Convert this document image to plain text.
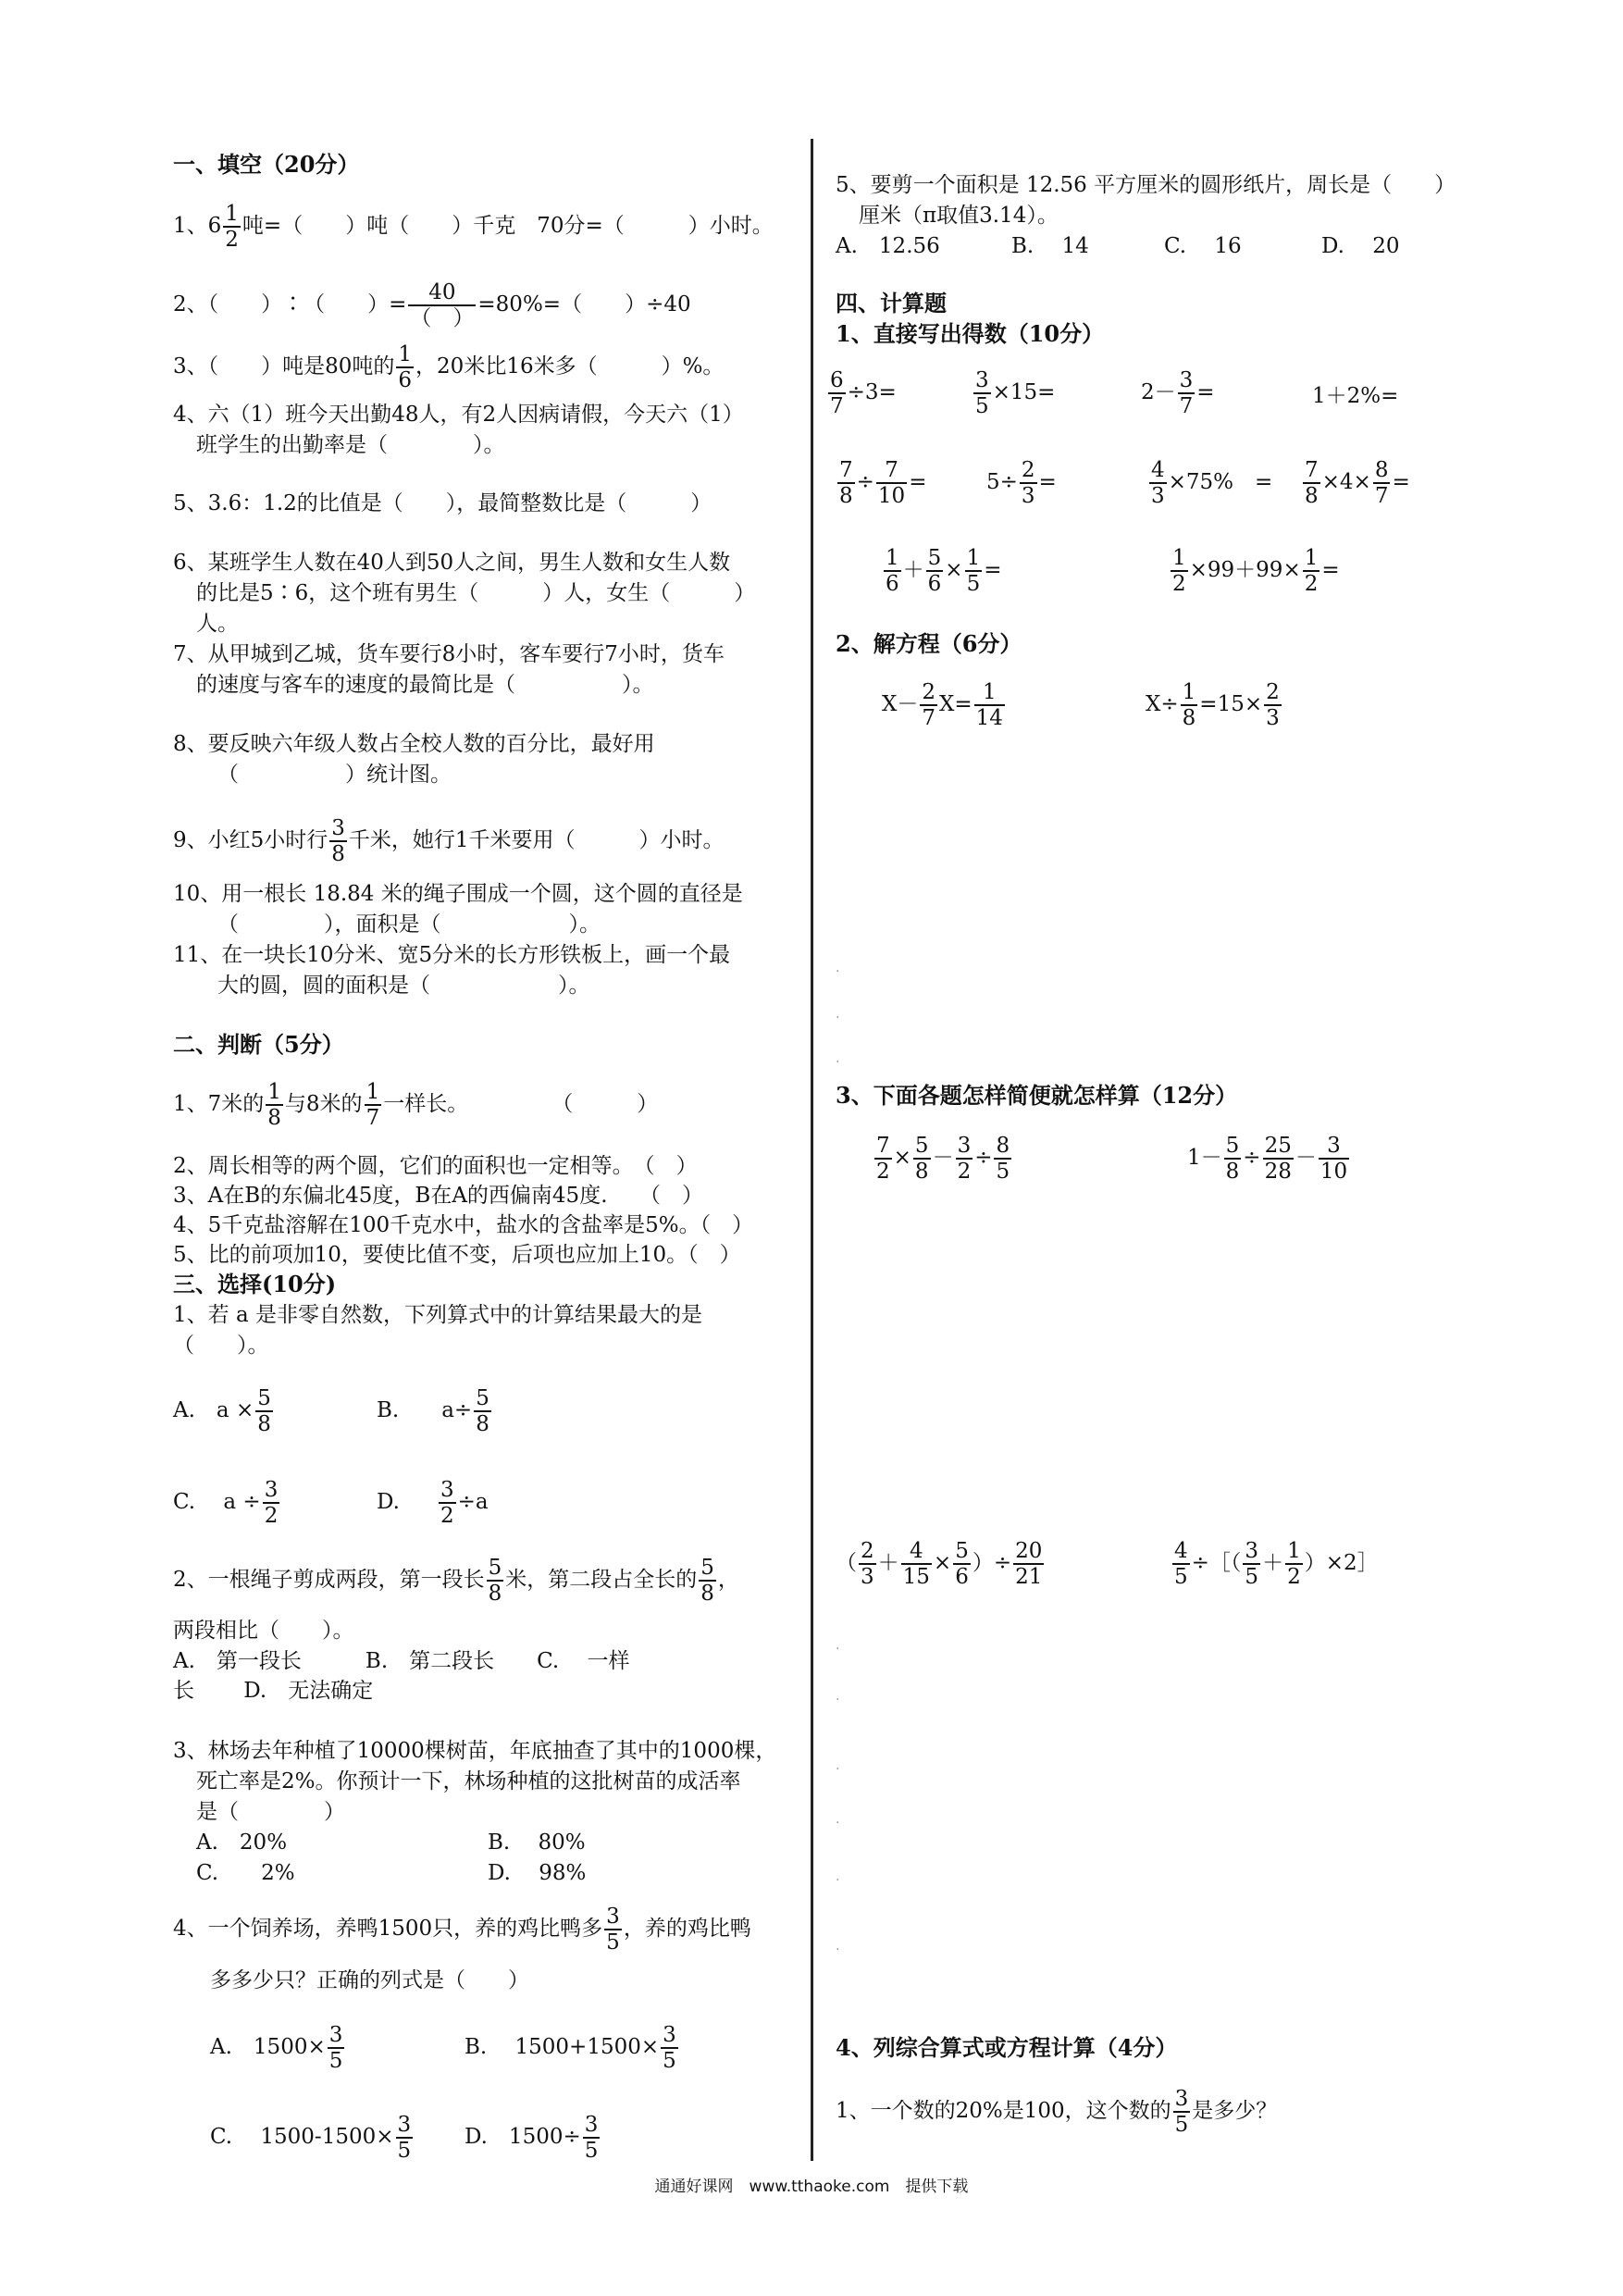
一、填空（20分）
1、$6 \frac{1}{2}$ 吨=（　　）吨（　　）千克　70分=（　　　）小时。
2、（　　）∶（　　）=	40
（　）
=80%=（　　）÷40
3、（　　）吨是80吨的 $\frac{1}{6}$ ，20米比16米多（　　　）%。
4、六（1）班今天出勤48人，有2人因病请假，今天六（1）
班学生的出勤率是（　　　　）。
5、3.6：1.2的比值是（　　），最简整数比是（　　　）
6、某班学生人数在40人到50人之间，男生人数和女生人数
的比是5∶6，这个班有男生（　　　）人，女生（　　　）
人。
7、从甲城到乙城，货车要行8小时，客车要行7小时，货车
的速度与客车的速度的最简比是（　　　　　）。
8、要反映六年级人数占全校人数的百分比，最好用
（　　　　　）统计图。
9、小红5小时行 $\frac{3}{8}$ 千米，她行1千米要用（　　　）小时。
10、用一根长 18.84 米的绳子围成一个圆，这个圆的直径是
（　　　　），面积是（　　　　　　）。
11、在一块长10分米、宽5分米的长方形铁板上，画一个最
大的圆，圆的面积是（　　　　　　）。
二、判断（5分）
1、7米的 $\frac{1}{8}$ 与8米的 $\frac{1}{7}$ 一样长。	（　　　）
2、周长相等的两个圆，它们的面积也一定相等。　（　）
3、A在B的东偏北45度，B在A的西偏南45度.　　（　）
4、5千克盐溶解在100千克水中，盐水的含盐率是5%。（　）
5、比的前项加10，要使比值不变，后项也应加上10。（　）
三、选择(10分)
1、若 a 是非零自然数，下列算式中的计算结果最大的是
（　　）。
A.　$a \times \frac{5}{8}$	B.　　$a\div \frac{5}{8}$
C.　 $a \div \frac{3}{2}$	D. $\frac{3}{2} \div a$
2、一根绳子剪成两段，第一段长 $\frac{5}{8}$ 米，第二段占全长的 $\frac{5}{8}$ ，
两段相比（　　）。
A.　第一段长　　　B.　第二段长　　C.　 一样
长　　 D.　无法确定
3、林场去年种植了10000棵树苗，年底抽查了其中的1000棵，
死亡率是2%。你预计一下，林场种植的这批树苗的成活率
是（　　　　）
A.　20%	B.　 80%
C.　　2%	D.　 98%
4、一个饲养场，养鸭1500只，养的鸡比鸭多 $\frac{3}{5}$ ，养的鸡比鸭
多多少只？正确的列式是（　　）
A.　$1500\times \frac{3}{5}$	B.　 $1500+1500\times \frac{3}{5}$
C.　 $1500-1500\times \frac{3}{5} D$.　$1500\div \frac{3}{5}$
5、要剪一个面积是 12.56 平方厘米的圆形纸片，周长是（　　）
厘米（π取值3.14）。
A.　12.56	B.　 14	C.　 16	D.　 20
四、计算题
1、直接写出得数（10分）
$\frac{6}{7} \div 3=$	$\frac{3}{5} \times 15=$	$2- \frac{3}{7}$ =	1＋2%=
$\frac{7}{8} \div \frac{7}{10}$ =	$5\div \frac{2}{3}$ =	$\frac{4}{3} \times 75\%$　= $\frac{7}{8} \times 4\times \frac{8}{7}$ =
$\frac{1}{6} + \frac{5}{6} \times \frac{1}{5}$ =	$\frac{1}{2} \times 99+99\times \frac{1}{2}$ =
2、解方程（6分）
$X- \frac{2}{7} X= \frac{1}{14}$	$X\div \frac{1}{8} =15\times \frac{2}{3}$
.
.
.
3、下面各题怎样简便就怎样算（12分）
$\frac{7}{2} \times \frac{5}{8} - \frac{3}{2} \div \frac{8}{5}$	$1- \frac{5}{8} \div \frac{25}{28} - \frac{3}{10}$
（ $\frac{2}{3} + \frac{4}{15} \times \frac{5}{6}$ ）÷ $\frac{20}{21}$	$\frac{4}{5}$ ÷［（ $\frac{3}{5} + \frac{1}{2}$ ）×2］
.
.
.
.
.
.
4、列综合算式或方程计算（4分）
1、一个数的20%是100，这个数的 $\frac{3}{5}$ 是多少？
通通好课网　www.tthaoke.com　提供下载
